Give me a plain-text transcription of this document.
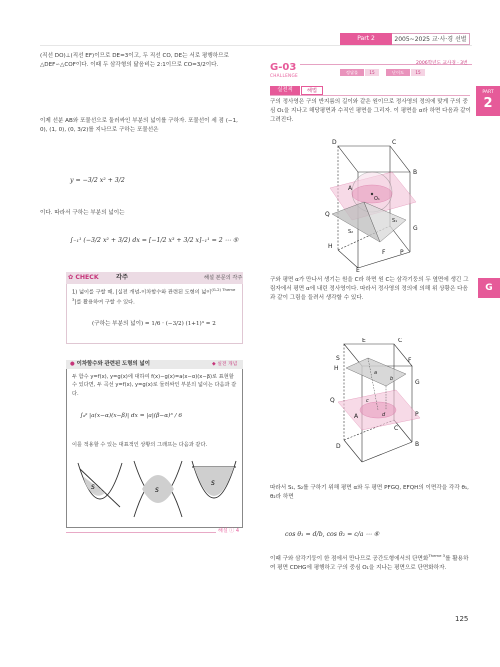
Part 2	2005~2025 교·사·경 선별
PART
2
G
(직선 DO)⊥(직선 EF)이므로 DE=3이고, 두 직선 CO, DE는 서로 평행하므로 △DEF∽△COF이다. 이때 두 삼각형의 닮음비는 2:1이므로 CO=3/2이다.
이제 선분 AB와 포물선으로 둘러싸인 부분의 넓이를 구하자. 포물선이 세 점 (−1, 0), (1, 0), (0, 3/2)를 지나므로 구하는 포물선은
y = −3/2 x² + 3/2
이다. 따라서 구하는 부분의 넓이는
∫₋₁¹ (−3/2 x² + 3/2) dx = [−1/2 x³ + 3/2 x]₋₁¹ = 2 ⋯ ⑤
✿ CHECK	각주	해설 본문의 각주
1) 넓이를 구할 때, [실전 개념-이차함수와 관련된 도형의 넓이$^{(G-2) Theme 3}$]를 활용하여 구할 수 있다.
(구하는 부분의 넓이) = 1/6 · (−3/2) (1+1)³ = 2
● 이차함수와 관련된 도형의 넓이	◆ 실전 개념
두 함수 y=f(x), y=g(x)에 대하여 f(x)−g(x)=a(x−α)(x−β)로 표현할 수 있다면, 두 곡선 y=f(x), y=g(x)로 둘러싸인 부분의 넓이는 다음과 같다.
∫ₐᵝ |a(x−α)(x−β)| dx = |a|(β−α)³ / 6
이를 적용할 수 있는 대표적인 상황의 그래프는 다음과 같다.
S	S
S
해설 ⓘ 4
G-03
CHALLENGE
2006학년도 교사경 · 3번
정답률	15	난이도	15
실전적	해법
구의 정사영은 구의 반지름의 길이와 같은 원이므로 정사영의 정의에 맞게 구의 중심 O₁을 지나고 해당평면과 수직인 평면을 그리자. 이 평면을 α라 하면 다음과 같이 그려진다.
D	C
A
B
O₁
G
Q
S₁
S₂
H
P
F
E
구와 평면 α가 만나서 생기는 원을 C라 하면 원 C는 삼각기둥의 두 옆면에 생긴 그림자에서 평면 α에 내린 정사영이다. 따라서 정사영의 정의에 의해 위 상황은 다음과 같이 그림을 들려서 생각할 수 있다.
E
S
C
H
a
b
F
G
Q
d
c
P
A
B
D
C
따라서 S₁, S₂를 구하기 위해 평면 α와 두 평면 PFGQ, EFQH의 이면각을 각각 θ₁, θ₂라 하면
cos θ₁ = d/b, cos θ₂ = c/a ⋯ ⑥
이때 구와 삼각기둥이 한 점에서 만나므로 공간도형에서의 단면화$^{Theme 3}$를 활용하여 평면 CDHG에 평행하고 구의 중심 O₁을 지나는 평면으로 단면화하자.
125
